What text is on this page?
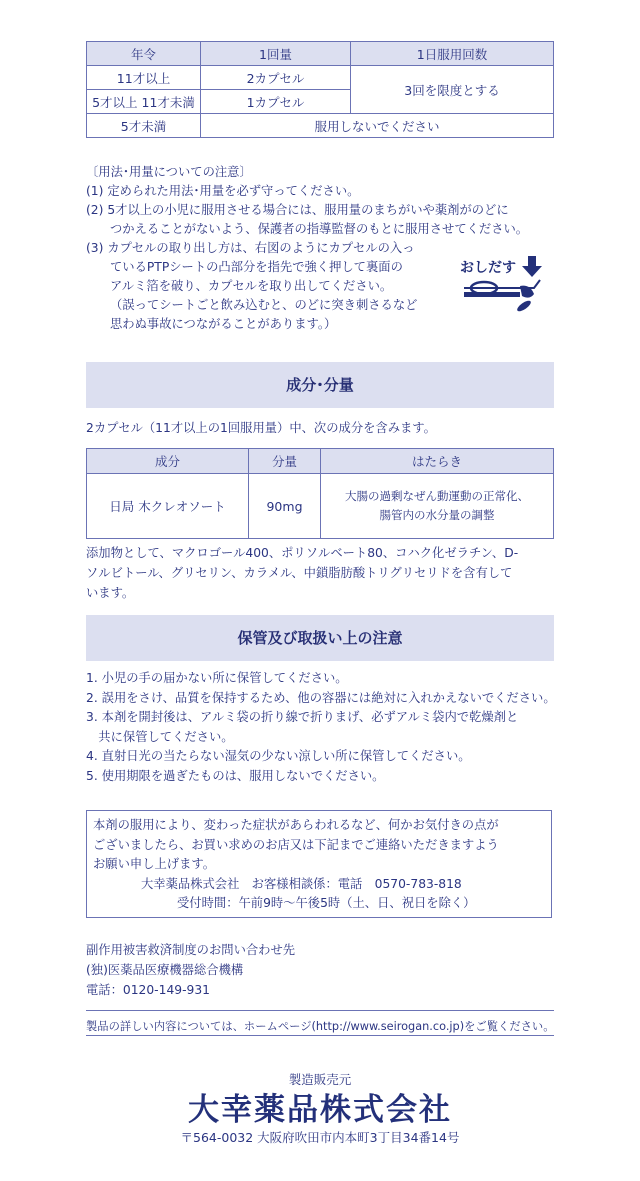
年令	1回量	1日服用回数
11才以上	2カプセル	3回を限度とする
5才以上 11才未満	1カプセル	
5才未満	服用しないでください	
〔用法･用量についての注意〕
(1) 定められた用法･用量を必ず守ってください。
(2) 5才以上の小児に服用させる場合には、服用量のまちがいや薬剤がのどに
つかえることがないよう、保護者の指導監督のもとに服用させてください。
(3) カプセルの取り出し方は、右図のようにカプセルの入っ
ているPTPシートの凸部分を指先で強く押して裏面の
アルミ箔を破り、カプセルを取り出してください。
（誤ってシートごと飲み込むと、のどに突き刺さるなど
思わぬ事故につながることがあります。）
おしだす
成分･分量
2カプセル（11才以上の1回服用量）中、次の成分を含みます。
成分	分量	はたらき
日局 木クレオソート	90mg	大腸の過剰なぜん動運動の正常化、
腸管内の水分量の調整
添加物として、マクロゴール400、ポリソルベート80、コハク化ゼラチン、D-
ソルビトール、グリセリン、カラメル、中鎖脂肪酸トリグリセリドを含有して
います。
保管及び取扱い上の注意
1. 小児の手の届かない所に保管してください。
2. 誤用をさけ、品質を保持するため、他の容器には絶対に入れかえないでください。
3. 本剤を開封後は、アルミ袋の折り線で折りまげ、必ずアルミ袋内で乾燥剤と
　共に保管してください。
4. 直射日光の当たらない湿気の少ない涼しい所に保管してください。
5. 使用期限を過ぎたものは、服用しないでください。
本剤の服用により、変わった症状があらわれるなど、何かお気付きの点が
ございましたら、お買い求めのお店又は下記までご連絡いただきますよう
お願い申し上げます。
大幸薬品株式会社　お客様相談係：電話　0570-783-818
受付時間：午前9時〜午後5時（土、日、祝日を除く）
副作用被害救済制度のお問い合わせ先
(独)医薬品医療機器総合機構
電話：0120-149-931
製品の詳しい内容については、ホームページ(http://www.seirogan.co.jp)をご覧ください。
製造販売元
大幸薬品株式会社
〒564-0032 大阪府吹田市内本町3丁目34番14号
